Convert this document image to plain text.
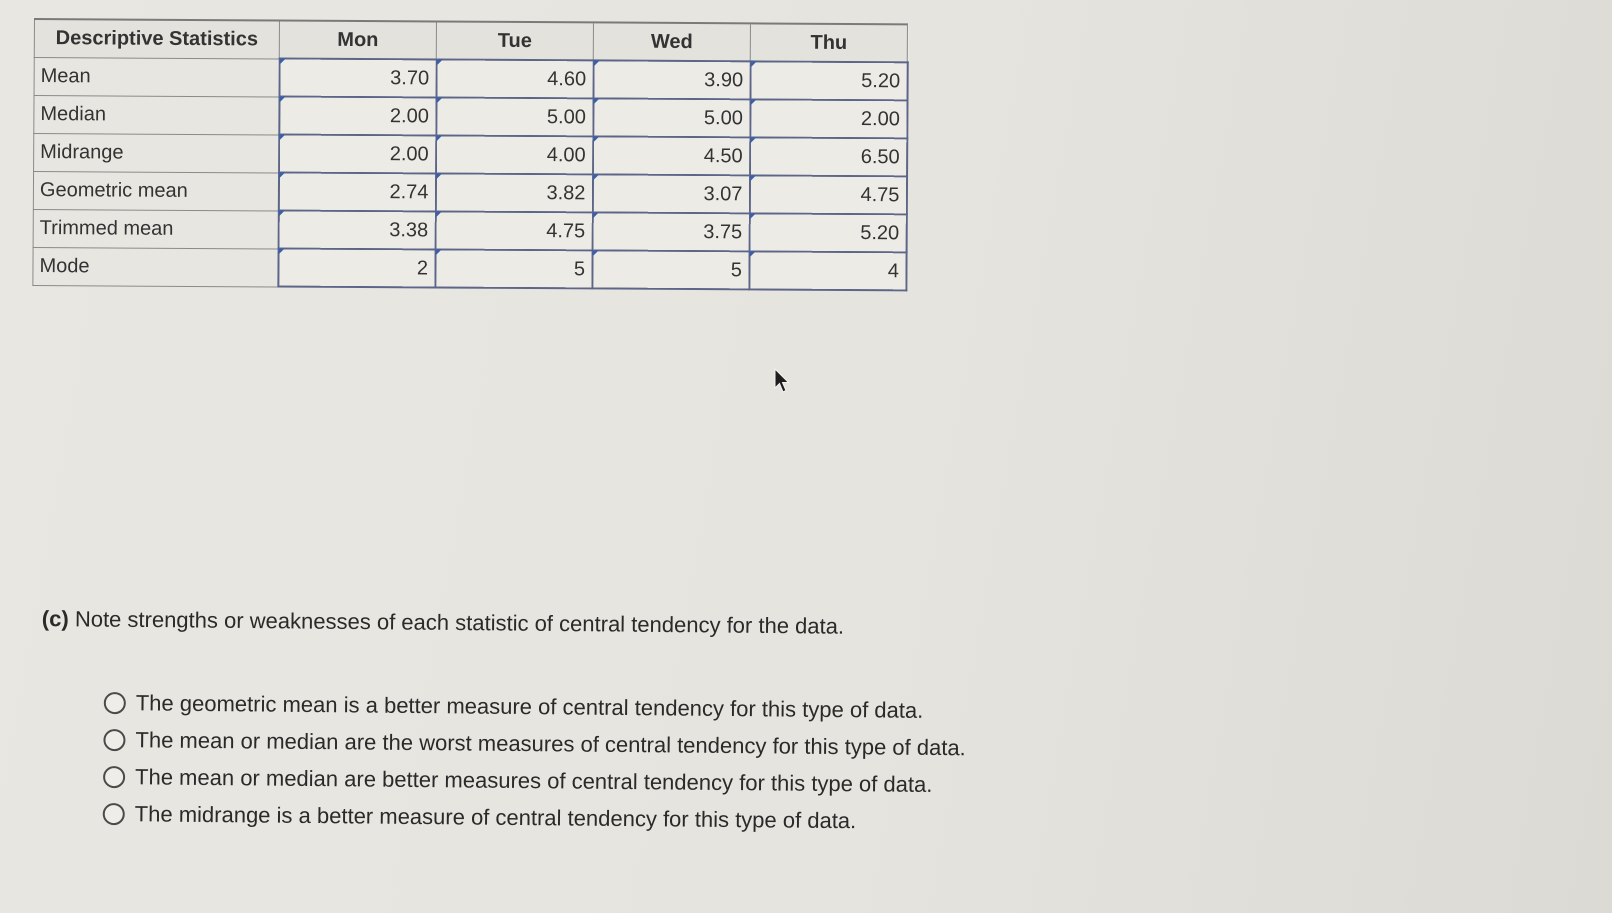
Descriptive Statistics	Mon	Tue	Wed	Thu
Mean	3.70	4.60	3.90	5.20
Median	2.00	5.00	5.00	2.00
Midrange	2.00	4.00	4.50	6.50
Geometric mean	2.74	3.82	3.07	4.75
Trimmed mean	3.38	4.75	3.75	5.20
Mode	2	5	5	4
(c) Note strengths or weaknesses of each statistic of central tendency for the data.
The geometric mean is a better measure of central tendency for this type of data.
The mean or median are the worst measures of central tendency for this type of data.
The mean or median are better measures of central tendency for this type of data.
The midrange is a better measure of central tendency for this type of data.
